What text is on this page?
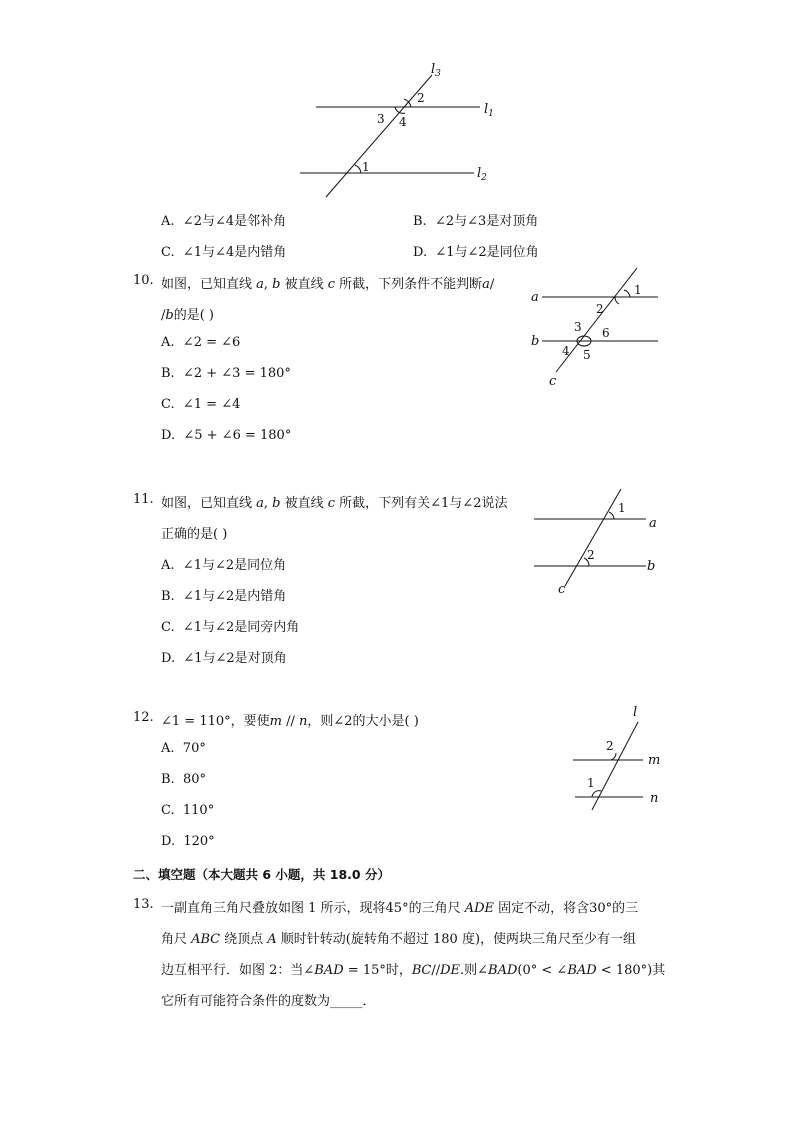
$l_3$
$l_1$
$l_2$
2
3 4
1
A. ∠2与∠4是邻补角	B. ∠2与∠3是对顶角
C. ∠1与∠4是内错角	D. ∠1与∠2是同位角
10. 如图，已知直线 𝑎, 𝑏 被直线 𝑐 所截，下列条件不能判断𝑎/
/𝑏的是( )
A. ∠2 = ∠6
B. ∠2 + ∠3 = 180°
C. ∠1 = ∠4
D. ∠5 + ∠6 = 180°
a
b
c
1
2
3 6
4 5
11. 如图，已知直线 𝑎, 𝑏 被直线 𝑐 所截，下列有关∠1与∠2说法
正确的是( )
A. ∠1与∠2是同位角
B. ∠1与∠2是内错角
C. ∠1与∠2是同旁内角
D. ∠1与∠2是对顶角
a
b
c
1
2
12. ∠1 = 110°，要使𝑚 // 𝑛，则∠2的大小是( )
A. 70°
B. 80°
C. 110°
D. 120°
l
m
n
2
1
二、填空题（本大题共 6 小题，共 18.0 分）
13. 一副直角三角尺叠放如图 1 所示，现将45°的三角尺 𝐴𝐷𝐸 固定不动，将含30°的三
角尺 𝐴𝐵𝐶 绕顶点 𝐴 顺时针转动(旋转角不超过 180 度)，使两块三角尺至少有一组
边互相平行．如图 2：当∠𝐵𝐴𝐷 = 15°时，𝐵𝐶//𝐷𝐸.则∠𝐵𝐴𝐷(0° < ∠𝐵𝐴𝐷 < 180°)其
它所有可能符合条件的度数为_____．
